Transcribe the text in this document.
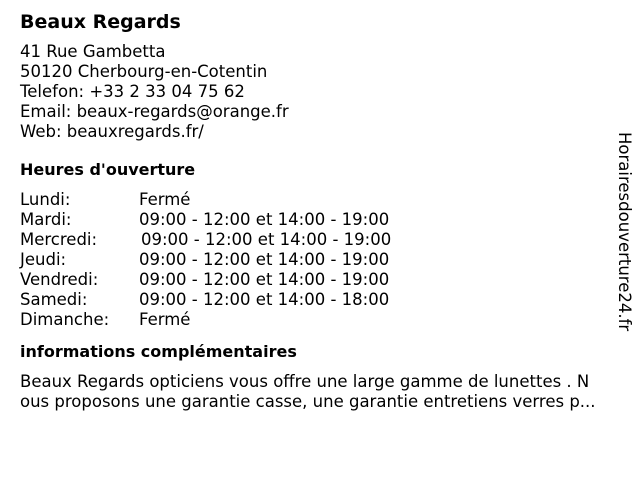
Beaux Regards
41 Rue Gambetta
50120 Cherbourg-en-Cotentin
Telefon: +33 2 33 04 75 62
Email: beaux-regards@orange.fr
Web: beauxregards.fr/
Heures d'ouverture
Lundi:	Fermé
Mardi:	09:00 - 12:00 et 14:00 - 19:00
Mercredi:	09:00 - 12:00 et 14:00 - 19:00
Jeudi:	09:00 - 12:00 et 14:00 - 19:00
Vendredi: 09:00 - 12:00 et 14:00 - 19:00
Samedi:	09:00 - 12:00 et 14:00 - 18:00
Dimanche: Fermé
informations complémentaires
Beaux Regards opticiens vous offre une large gamme de lunettes . N
ous proposons une garantie casse, une garantie entretiens verres p...
Horairesdouverture24.fr
